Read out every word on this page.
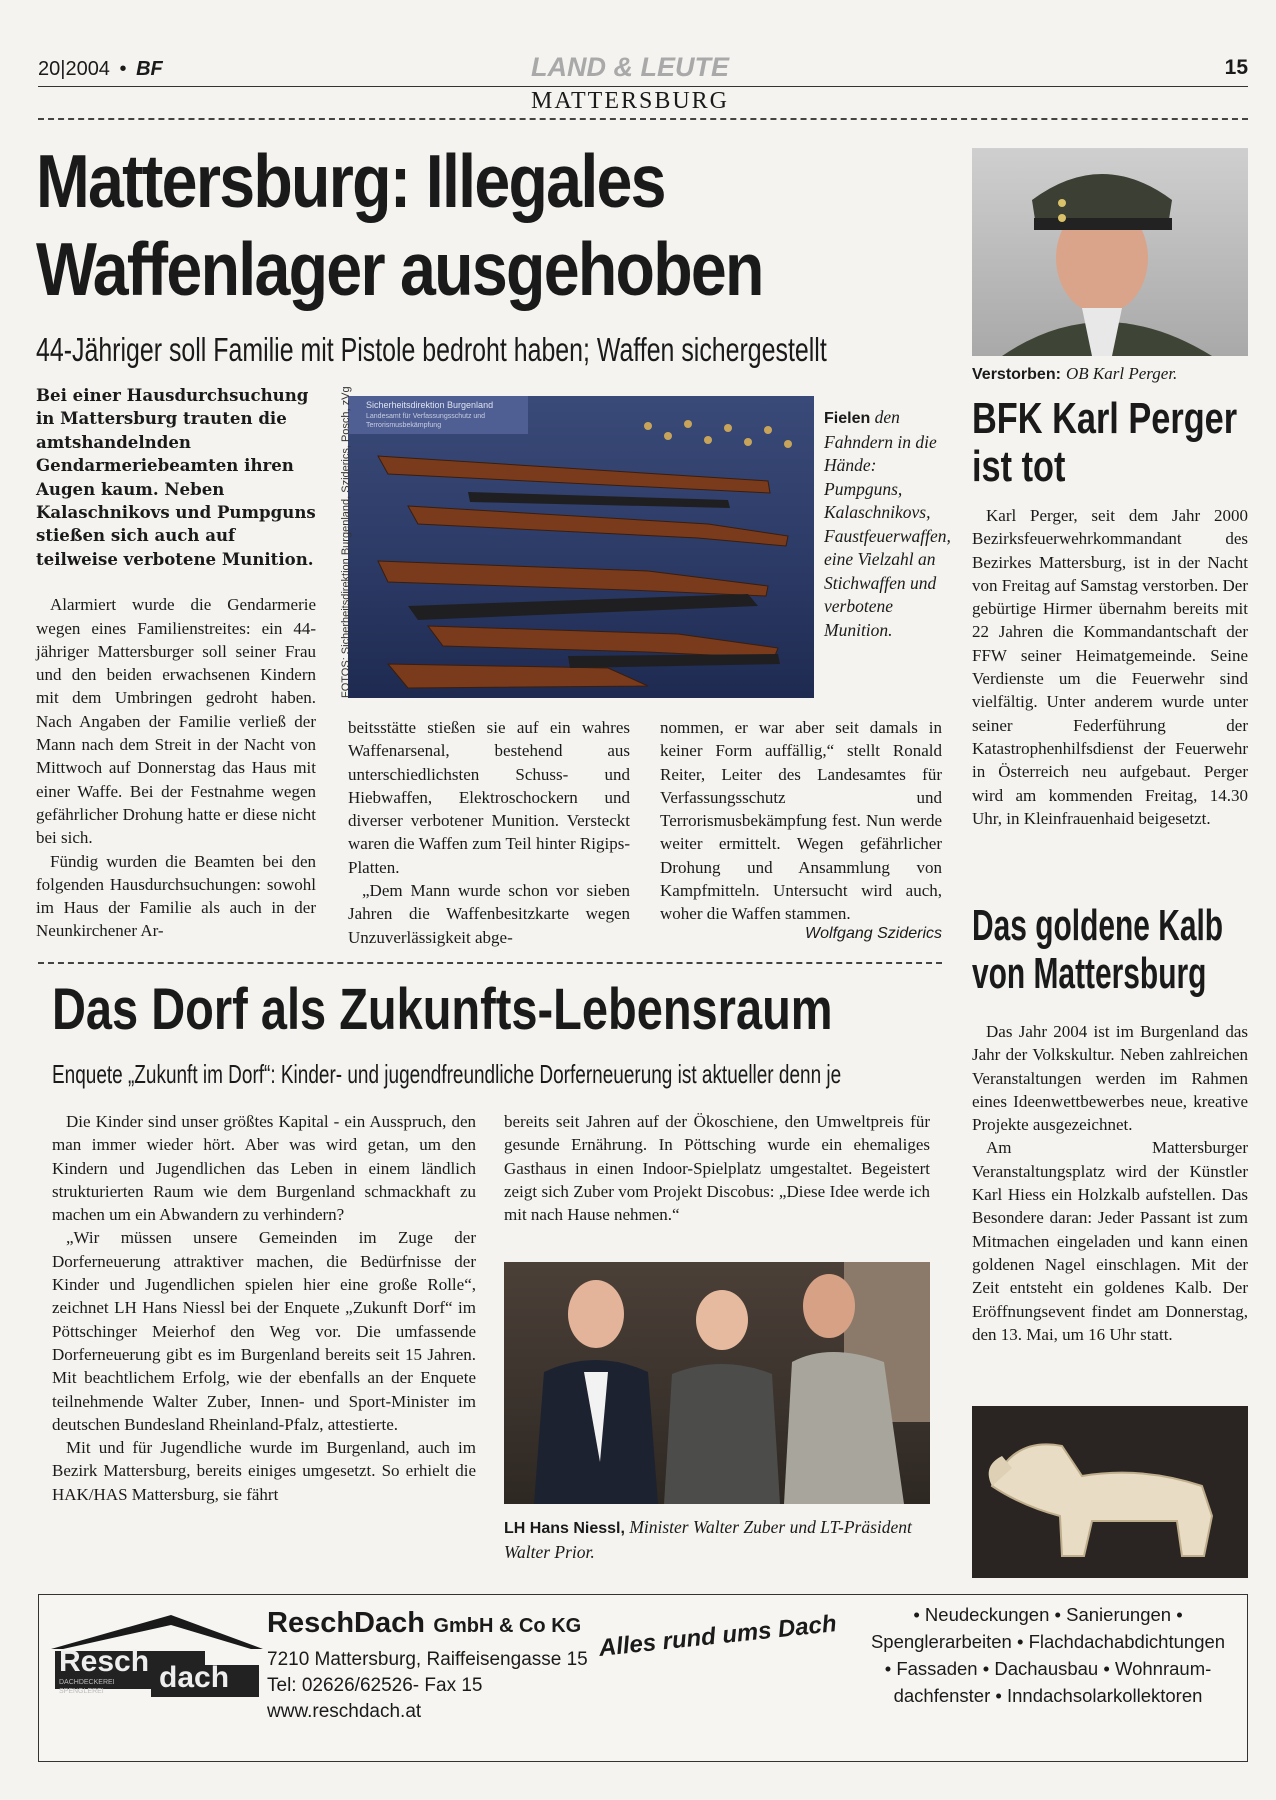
20|2004 • BF	LAND & LEUTE
MATTERSBURG
15
Mattersburg: Illegales
Waffenlager ausgehoben
44-Jähriger soll Familie mit Pistole bedroht haben; Waffen sichergestellt

Bei einer Hausdurchsuchung in Mattersburg trauten die amtshandelnden Gendarmeriebeamten ihren Augen kaum. Neben Kalaschnikovs und Pumpguns stießen sich auch auf teilweise verbotene Munition.

Alarmiert wurde die Gendarmerie wegen eines Familienstreites: ein 44-jähriger Mattersburger soll seiner Frau und den beiden erwachsenen Kindern mit dem Umbringen gedroht haben. Nach Angaben der Familie verließ der Mann nach dem Streit in der Nacht von Mittwoch auf Donnerstag das Haus mit einer Waffe. Bei der Festnahme wegen gefährlicher Drohung hatte er diese nicht bei sich.

Fündig wurden die Beamten bei den folgenden Hausdurchsuchungen: sowohl im Haus der Familie als auch in der Neunkirchener Ar-

Sicherheitsdirektion Burgenland
Landesamt für Verfassungsschutz und Terrorismusbekämpfung
FOTOS: Sicherheitsdirektion Burgenland, Sziderics, Posch, zVg	Fielen den Fahndern in die Hände: Pumpguns, Kalaschnikovs, Faustfeuerwaffen, eine Vielzahl an Stichwaffen und verbotene Munition.

beitsstätte stießen sie auf ein wahres Waffenarsenal, bestehend aus unterschiedlichsten Schuss- und Hiebwaffen, Elektroschockern und diverser verbotener Munition. Versteckt waren die Waffen zum Teil hinter Rigips-Platten.

„Dem Mann wurde schon vor sieben Jahren die Waffenbesitzkarte wegen Unzuverlässigkeit abge-

nommen, er war aber seit damals in keiner Form auffällig,“ stellt Ronald Reiter, Leiter des Landesamtes für Verfassungsschutz und Terrorismusbekämpfung fest. Nun werde weiter ermittelt. Wegen gefährlicher Drohung und Ansammlung von Kampfmitteln. Untersucht wird auch, woher die Waffen stammen.

Wolfgang Sziderics
Verstorben: OB Karl Perger.
BFK Karl Perger
ist tot

Karl Perger, seit dem Jahr 2000 Bezirksfeuerwehrkommandant des Bezirkes Mattersburg, ist in der Nacht von Freitag auf Samstag verstorben. Der gebürtige Hirmer übernahm bereits mit 22 Jahren die Kommandantschaft der FFW seiner Heimatgemeinde. Seine Verdienste um die Feuerwehr sind vielfältig. Unter anderem wurde unter seiner Federführung der Katastrophenhilfsdienst der Feuerwehr in Österreich neu aufgebaut. Perger wird am kommenden Freitag, 14.30 Uhr, in Kleinfrauenhaid beigesetzt.

Das goldene Kalb
von Mattersburg

Das Jahr 2004 ist im Burgenland das Jahr der Volkskultur. Neben zahlreichen Veranstaltungen werden im Rahmen eines Ideenwettbewerbes neue, kreative Projekte ausgezeichnet.

Am Mattersburger Veranstaltungsplatz wird der Künstler Karl Hiess ein Holzkalb aufstellen. Das Besondere daran: Jeder Passant ist zum Mitmachen eingeladen und kann einen goldenen Nagel einschlagen. Mit der Zeit entsteht ein goldenes Kalb. Der Eröffnungsevent findet am Donnerstag, den 13. Mai, um 16 Uhr statt.

Das Dorf als Zukunfts-Lebensraum
Enquete „Zukunft im Dorf“: Kinder- und jugendfreundliche Dorferneuerung ist aktueller denn je

Die Kinder sind unser größtes Kapital - ein Ausspruch, den man immer wieder hört. Aber was wird getan, um den Kindern und Jugendlichen das Leben in einem ländlich strukturierten Raum wie dem Burgenland schmackhaft zu machen um ein Abwandern zu verhindern?

„Wir müssen unsere Gemeinden im Zuge der Dorferneuerung attraktiver machen, die Bedürfnisse der Kinder und Jugendlichen spielen hier eine große Rolle“, zeichnet LH Hans Niessl bei der Enquete „Zukunft Dorf“ im Pöttschinger Meierhof den Weg vor. Die umfassende Dorferneuerung gibt es im Burgenland bereits seit 15 Jahren. Mit beachtlichem Erfolg, wie der ebenfalls an der Enquete teilnehmende Walter Zuber, Innen- und Sport-Minister im deutschen Bundesland Rheinland-Pfalz, attestierte.

Mit und für Jugendliche wurde im Burgenland, auch im Bezirk Mattersburg, bereits einiges umgesetzt. So erhielt die HAK/HAS Mattersburg, sie fährt

bereits seit Jahren auf der Ökoschiene, den Umweltpreis für gesunde Ernährung. In Pöttsching wurde ein ehemaliges Gasthaus in einen Indoor-Spielplatz umgestaltet. Begeistert zeigt sich Zuber vom Projekt Discobus: „Diese Idee werde ich mit nach Hause nehmen.“

LH Hans Niessl, Minister Walter Zuber und LT-Präsident Walter Prior.
Resch dach
DACHDECKEREI
SPENGLEREI
ReschDach GmbH & Co KG
7210 Mattersburg, Raiffeisengasse 15
Tel: 02626/62526- Fax 15
www.reschdach.at
Alles rund ums Dach	• Neudeckungen • Sanierungen •
Spenglerarbeiten • Flachdachabdichtungen
• Fassaden • Dachausbau • Wohnraum-
dachfenster • Inndachsolarkollektoren
